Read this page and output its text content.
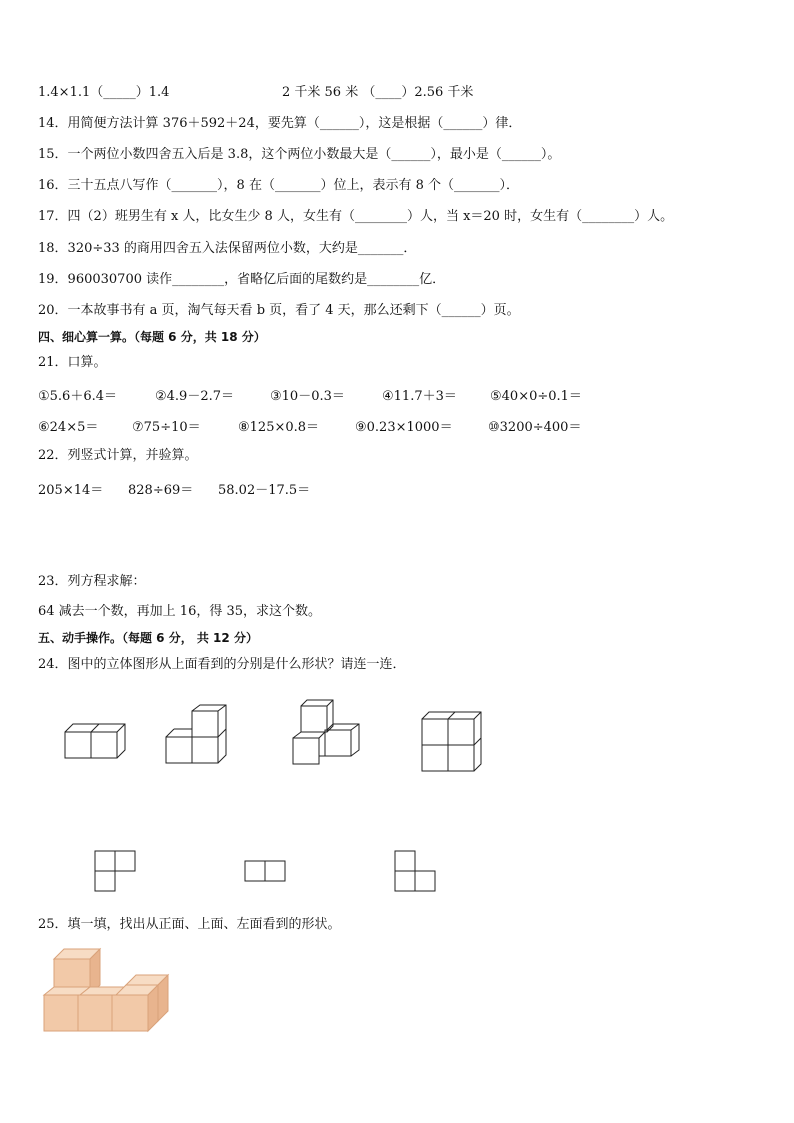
1.4×1.1（_____）1.4	2 千米 56 米 （____）2.56 千米
14．用简便方法计算 376＋592＋24，要先算（______），这是根据（______）律．
15．一个两位小数四舍五入后是 3.8，这个两位小数最大是（______），最小是（______）。
16．三十五点八写作（_______），8 在（_______）位上，表示有 8 个（_______）．
17．四（2）班男生有 x 人，比女生少 8 人，女生有（________）人，当 x＝20 时，女生有（________）人。
18．320÷33 的商用四舍五入法保留两位小数，大约是_______．
19．960030700 读作________，省略亿后面的尾数约是________亿．
20．一本故事书有 a 页，淘气每天看 b 页，看了 4 天，那么还剩下（______）页。
四、细心算一算。（每题 6 分，共 18 分）
21．口算。
①5.6＋6.4＝	②4.9－2.7＝	③10－0.3＝	④11.7＋3＝	⑤40×0÷0.1＝
⑥24×5＝	⑦75÷10＝	⑧125×0.8＝	⑨0.23×1000＝	⑩3200÷400＝
22．列竖式计算，并验算。
205×14＝ 828÷69＝ 58.02－17.5＝
23．列方程求解：
64 减去一个数，再加上 16，得 35，求这个数。
五、动手操作。（每题 6 分， 共 12 分）
24．图中的立体图形从上面看到的分别是什么形状？请连一连．
25．填一填，找出从正面、上面、左面看到的形状。
